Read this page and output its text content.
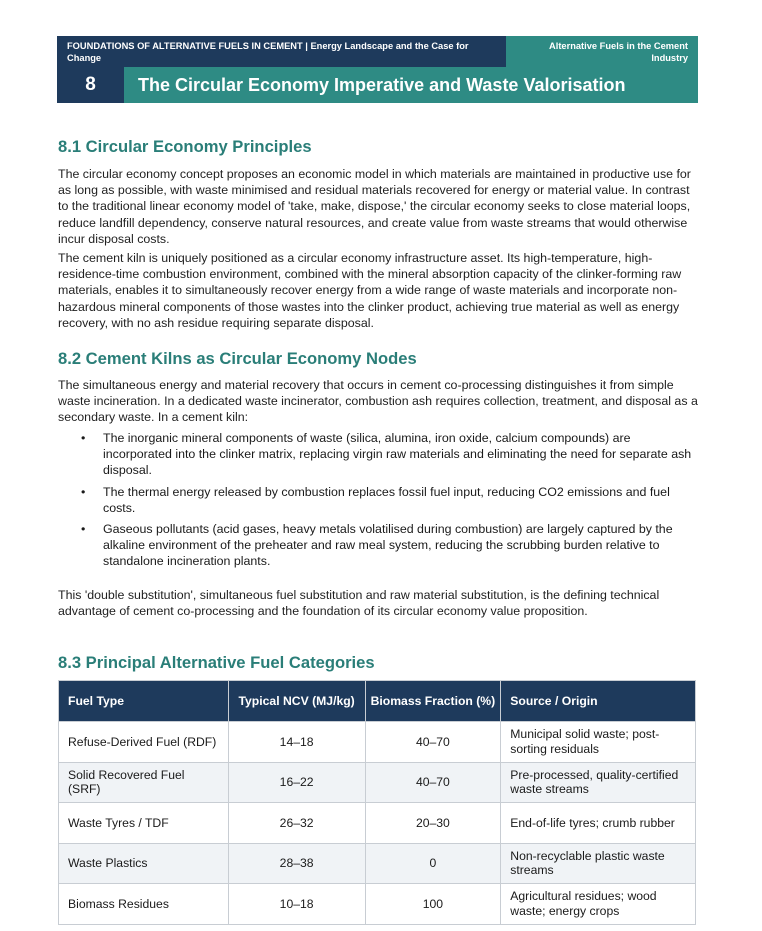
FOUNDATIONS OF ALTERNATIVE FUELS IN CEMENT | Energy Landscape and the Case for Change
Alternative Fuels in the Cement Industry
8	The Circular Economy Imperative and Waste Valorisation
8.1 Circular Economy Principles

The circular economy concept proposes an economic model in which materials are maintained in productive use for as long as possible, with waste minimised and residual materials recovered for energy or material value. In contrast to the traditional linear economy model of 'take, make, dispose,' the circular economy seeks to close material loops, reduce landfill dependency, conserve natural resources, and create value from waste streams that would otherwise incur disposal costs.

The cement kiln is uniquely positioned as a circular economy infrastructure asset. Its high-temperature, high-residence-time combustion environment, combined with the mineral absorption capacity of the clinker-forming raw materials, enables it to simultaneously recover energy from a wide range of waste materials and incorporate non-hazardous mineral components of those wastes into the clinker product, achieving true material as well as energy recovery, with no ash residue requiring separate disposal.

8.2 Cement Kilns as Circular Economy Nodes

The simultaneous energy and material recovery that occurs in cement co-processing distinguishes it from simple waste incineration. In a dedicated waste incinerator, combustion ash requires collection, treatment, and disposal as a secondary waste. In a cement kiln:

• The inorganic mineral components of waste (silica, alumina, iron oxide, calcium compounds) are incorporated into the clinker matrix, replacing virgin raw materials and eliminating the need for separate ash disposal.
• The thermal energy released by combustion replaces fossil fuel input, reducing CO2 emissions and fuel costs.
• Gaseous pollutants (acid gases, heavy metals volatilised during combustion) are largely captured by the alkaline environment of the preheater and raw meal system, reducing the scrubbing burden relative to standalone incineration plants.

This 'double substitution', simultaneous fuel substitution and raw material substitution, is the defining technical advantage of cement co-processing and the foundation of its circular economy value proposition.

8.3 Principal Alternative Fuel Categories
Fuel Type	Typical NCV (MJ/kg)	Biomass Fraction (%)	Source / Origin
Refuse-Derived Fuel (RDF)	14–18	40–70	Municipal solid waste; post-sorting residuals
Solid Recovered Fuel (SRF)	16–22	40–70	Pre-processed, quality-certified waste streams
Waste Tyres / TDF	26–32	20–30	End-of-life tyres; crumb rubber
Waste Plastics	28–38	0	Non-recyclable plastic waste streams
Biomass Residues	10–18	100	Agricultural residues; wood waste; energy crops
